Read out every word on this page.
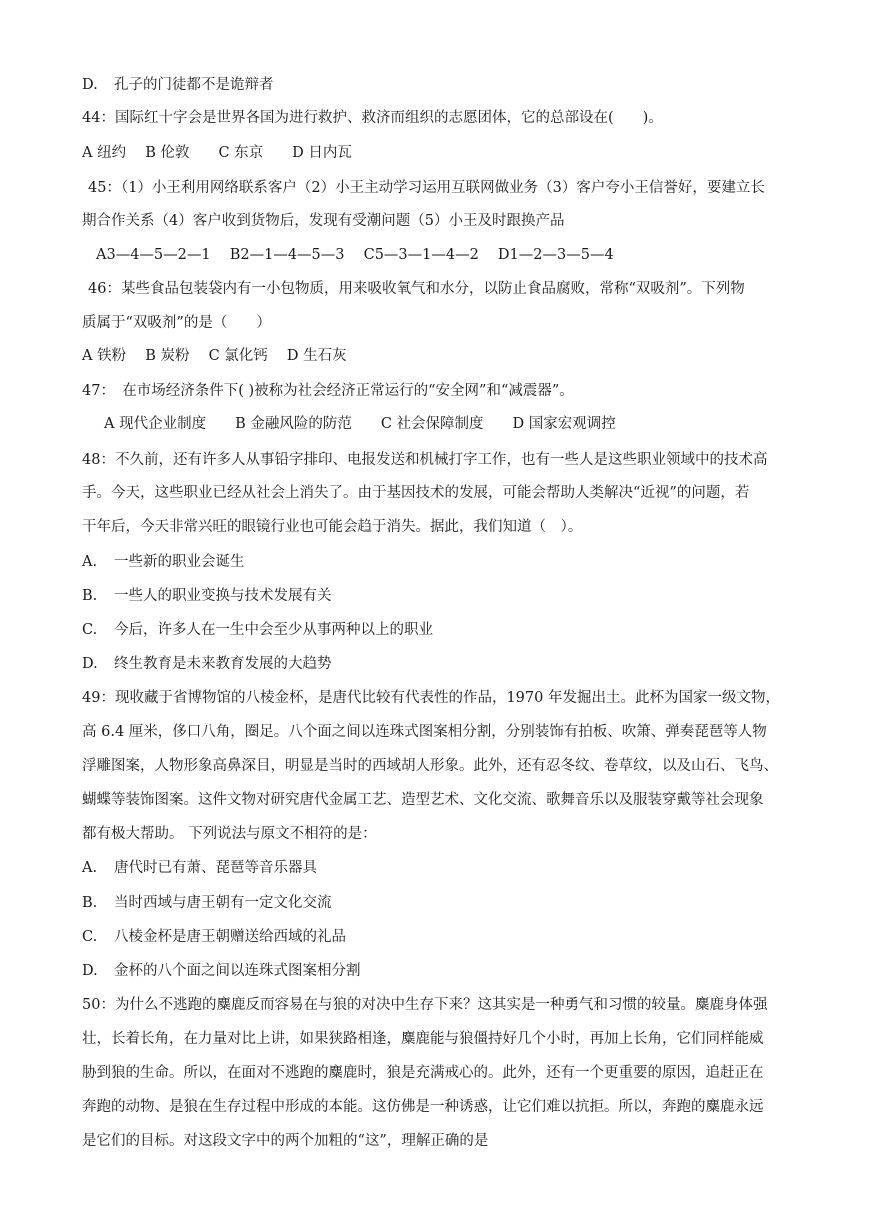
D. 孔子的门徒都不是诡辩者
44：国际红十字会是世界各国为进行救护、救济而组织的志愿团体，它的总部设在(　　)。
A 纽约　 B 伦敦　　C 东京　　D 日内瓦
45：（1）小王利用网络联系客户（2）小王主动学习运用互联网做业务（3）客户夸小王信誉好，要建立长
期合作关系（4）客户收到货物后，发现有受潮问题（5）小王及时跟换产品
A3—4—5—2—1　 B2—1—4—5—3　 C5—3—1—4—2　 D1—2—3—5—4
46：某些食品包装袋内有一小包物质，用来吸收氧气和水分，以防止食品腐败，常称“双吸剂”。下列物
质属于“双吸剂”的是（　　）
A 铁粉　 B 炭粉　 C 氯化钙　 D 生石灰
47：　在市场经济条件下( )被称为社会经济正常运行的“安全网”和“减震器”。
A 现代企业制度　　B 金融风险的防范　　C 社会保障制度　　D 国家宏观调控
48：不久前，还有许多人从事铅字排印、电报发送和机械打字工作，也有一些人是这些职业领域中的技术高
手。今天，这些职业已经从社会上消失了。由于基因技术的发展，可能会帮助人类解决“近视”的问题，若
干年后，今天非常兴旺的眼镜行业也可能会趋于消失。据此，我们知道（　）。
A. 一些新的职业会诞生
B. 一些人的职业变换与技术发展有关
C. 今后，许多人在一生中会至少从事两种以上的职业
D. 终生教育是未来教育发展的大趋势
49：现收藏于省博物馆的八棱金杯，是唐代比较有代表性的作品，1970 年发掘出土。此杯为国家一级文物，
高 6.4 厘米，侈口八角，圈足。八个面之间以连珠式图案相分割，分别装饰有拍板、吹箫、弹奏琵琶等人物
浮雕图案，人物形象高鼻深目，明显是当时的西域胡人形象。此外，还有忍冬纹、卷草纹，以及山石、飞鸟、
蝴蝶等装饰图案。这件文物对研究唐代金属工艺、造型艺术、文化交流、歌舞音乐以及服装穿戴等社会现象
都有极大帮助。 下列说法与原文不相符的是：
A. 唐代时已有萧、琵琶等音乐器具
B. 当时西域与唐王朝有一定文化交流
C. 八棱金杯是唐王朝赠送给西域的礼品
D. 金杯的八个面之间以连珠式图案相分割
50：为什么不逃跑的麋鹿反而容易在与狼的对决中生存下来？这其实是一种勇气和习惯的较量。麋鹿身体强
壮，长着长角，在力量对比上讲，如果狭路相逢，麋鹿能与狼僵持好几个小时，再加上长角，它们同样能威
胁到狼的生命。所以，在面对不逃跑的麋鹿时，狼是充满戒心的。此外，还有一个更重要的原因，追赶正在
奔跑的动物、是狼在生存过程中形成的本能。这仿佛是一种诱惑，让它们难以抗拒。所以，奔跑的麋鹿永远
是它们的目标。对这段文字中的两个加粗的“这”，理解正确的是
